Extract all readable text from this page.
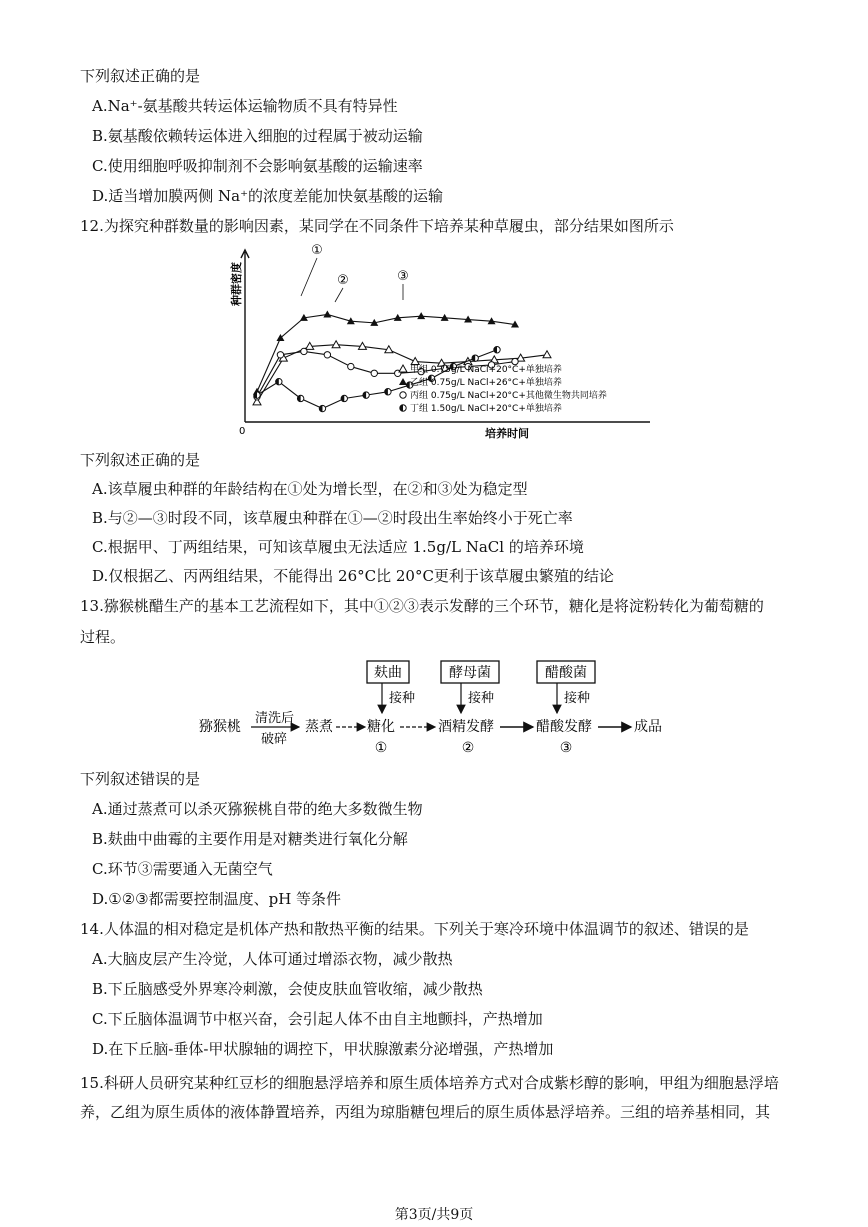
下列叙述正确的是
A.Na⁺-氨基酸共转运体运输物质不具有特异性
B.氨基酸依赖转运体进入细胞的过程属于被动运输
C.使用细胞呼吸抑制剂不会影响氨基酸的运输速率
D.适当增加膜两侧 Na⁺的浓度差能加快氨基酸的运输
12.为探究种群数量的影响因素，某同学在不同条件下培养某种草履虫，部分结果如图所示
种群密度
培养时间
0
①
②	③
甲组 0.75g/L NaCl+20°C+单独培养
乙组 0.75g/L NaCl+26°C+单独培养
丙组 0.75g/L NaCl+20°C+其他微生物共同培养
丁组 1.50g/L NaCl+20°C+单独培养
下列叙述正确的是
A.该草履虫种群的年龄结构在①处为增长型，在②和③处为稳定型
B.与②—③时段不同，该草履虫种群在①—②时段出生率始终小于死亡率
C.根据甲、丁两组结果，可知该草履虫无法适应 1.5g/L NaCl 的培养环境
D.仅根据乙、丙两组结果，不能得出 26°C比 20°C更利于该草履虫繁殖的结论
13.猕猴桃醋生产的基本工艺流程如下，其中①②③表示发酵的三个环节，糖化是将淀粉转化为葡萄糖的
过程。
麸曲	酵母菌	醋酸菌
接种	接种	接种
猕猴桃
清洗后
破碎
蒸煮 糖化	酒精发酵	醋酸发酵	成品
①	②	③
下列叙述错误的是
A.通过蒸煮可以杀灭猕猴桃自带的绝大多数微生物
B.麸曲中曲霉的主要作用是对糖类进行氧化分解
C.环节③需要通入无菌空气
D.①②③都需要控制温度、pH 等条件
14.人体温的相对稳定是机体产热和散热平衡的结果。下列关于寒冷环境中体温调节的叙述、错误的是
A.大脑皮层产生冷觉，人体可通过增添衣物，减少散热
B.下丘脑感受外界寒冷刺激，会使皮肤血管收缩，减少散热
C.下丘脑体温调节中枢兴奋，会引起人体不由自主地颤抖，产热增加
D.在下丘脑-垂体-甲状腺轴的调控下，甲状腺激素分泌增强，产热增加
15.科研人员研究某种红豆杉的细胞悬浮培养和原生质体培养方式对合成紫杉醇的影响，甲组为细胞悬浮培养，乙组为原生质体的液体静置培养，丙组为琼脂糖包埋后的原生质体悬浮培养。三组的培养基相同，其
第3页/共9页
